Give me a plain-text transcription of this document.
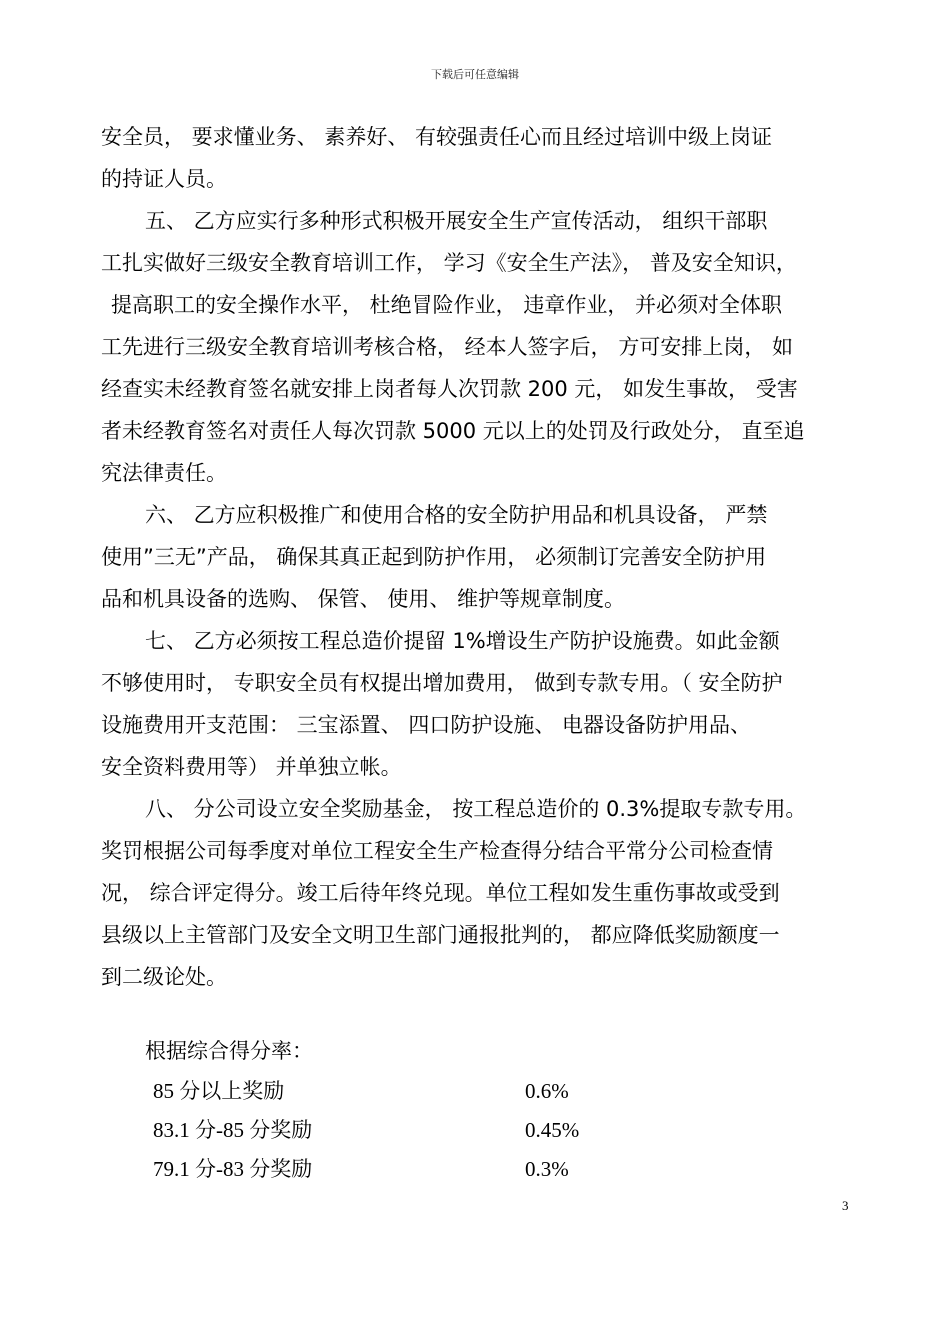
下载后可任意编辑

安全员， 要求懂业务、 素养好、 有较强责任心而且经过培训中级上岗证

的持证人员。

五、 乙方应实行多种形式积极开展安全生产宣传活动， 组织干部职

工扎实做好三级安全教育培训工作， 学习《安全生产法》， 普及安全知识，

提高职工的安全操作水平， 杜绝冒险作业， 违章作业， 并必须对全体职

工先进行三级安全教育培训考核合格， 经本人签字后， 方可安排上岗， 如

经查实未经教育签名就安排上岗者每人次罚款 200 元， 如发生事故， 受害

者未经教育签名对责任人每次罚款 5000 元以上的处罚及行政处分， 直至追

究法律责任。

六、 乙方应积极推广和使用合格的安全防护用品和机具设备， 严禁

使用”三无”产品， 确保其真正起到防护作用， 必须制订完善安全防护用

品和机具设备的选购、 保管、 使用、 维护等规章制度。

七、 乙方必须按工程总造价提留 1%增设生产防护设施费。如此金额

不够使用时， 专职安全员有权提出增加费用， 做到专款专用。（ 安全防护

设施费用开支范围： 三宝添置、 四口防护设施、 电器设备防护用品、

安全资料费用等） 并单独立帐。

八、 分公司设立安全奖励基金， 按工程总造价的 0.3%提取专款专用。

奖罚根据公司每季度对单位工程安全生产检查得分结合平常分公司检查情

况， 综合评定得分。竣工后待年终兑现。单位工程如发生重伤事故或受到

县级以上主管部门及安全文明卫生部门通报批判的， 都应降低奖励额度一

到二级论处。

根据综合得分率：
85 分以上奖励	0.6%
83.1 分-85 分奖励	0.45%
79.1 分-83 分奖励	0.3%
3
